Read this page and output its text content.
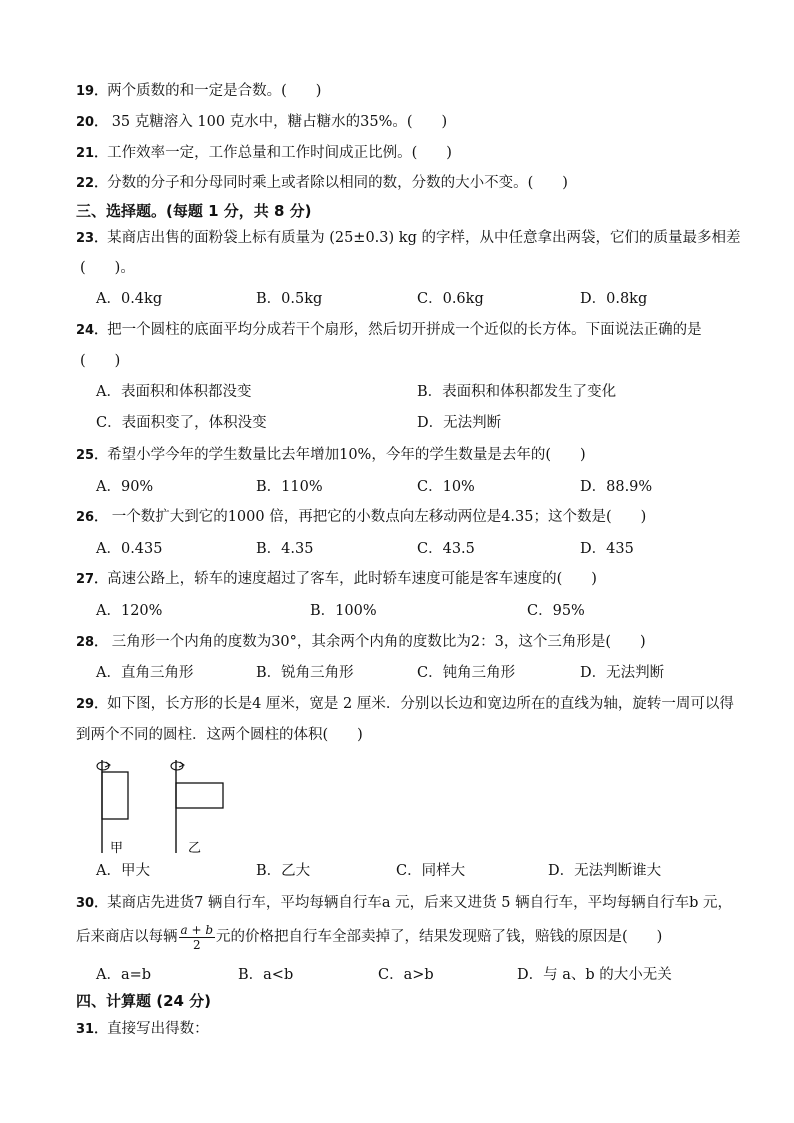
19．两个质数的和一定是合数。(　　)
20． 35 克糖溶入 100 克水中，糖占糖水的35%。(　　)
21．工作效率一定，工作总量和工作时间成正比例。(　　)
22．分数的分子和分母同时乘上或者除以相同的数，分数的大小不变。(　　)
三、选择题。(每题 1 分，共 8 分)
23．某商店出售的面粉袋上标有质量为 (25±0.3) kg 的字样，从中任意拿出两袋，它们的质量最多相差
(　　)。
A．0.4kg	B．0.5kg	C．0.6kg	D．0.8kg
24．把一个圆柱的底面平均分成若干个扇形，然后切开拼成一个近似的长方体。下面说法正确的是
(　　)
A．表面积和体积都没变	B．表面积和体积都发生了变化
C．表面积变了，体积没变	D．无法判断
25．希望小学今年的学生数量比去年增加10%，今年的学生数量是去年的(　　)
A．90%	B．110%	C．10%	D．88.9%
26． 一个数扩大到它的1000 倍，再把它的小数点向左移动两位是4.35；这个数是(　　)
A．0.435	B．4.35	C．43.5	D．435
27．高速公路上，轿车的速度超过了客车，此时轿车速度可能是客车速度的(　　)
A．120%	B．100%	C．95%
28． 三角形一个内角的度数为30°，其余两个内角的度数比为2：3，这个三角形是(　　)
A．直角三角形	B．锐角三角形	C．钝角三角形	D．无法判断
29．如下图，长方形的长是4 厘米，宽是 2 厘米．分别以长边和宽边所在的直线为轴，旋转一周可以得
到两个不同的圆柱．这两个圆柱的体积(　　)
甲	乙
A．甲大	B．乙大	C．同样大	D．无法判断谁大
30．某商店先进货7 辆自行车，平均每辆自行车a 元，后来又进货 5 辆自行车，平均每辆自行车b 元，
后来商店以每辆 $\frac{a + b}{2}$ 元的价格把自行车全部卖掉了，结果发现赔了钱，赔钱的原因是(　　)
A．a=b	B．a<b	C．a>b	D．与 a、b 的大小无关
四、计算题 (24 分)
31．直接写出得数：
